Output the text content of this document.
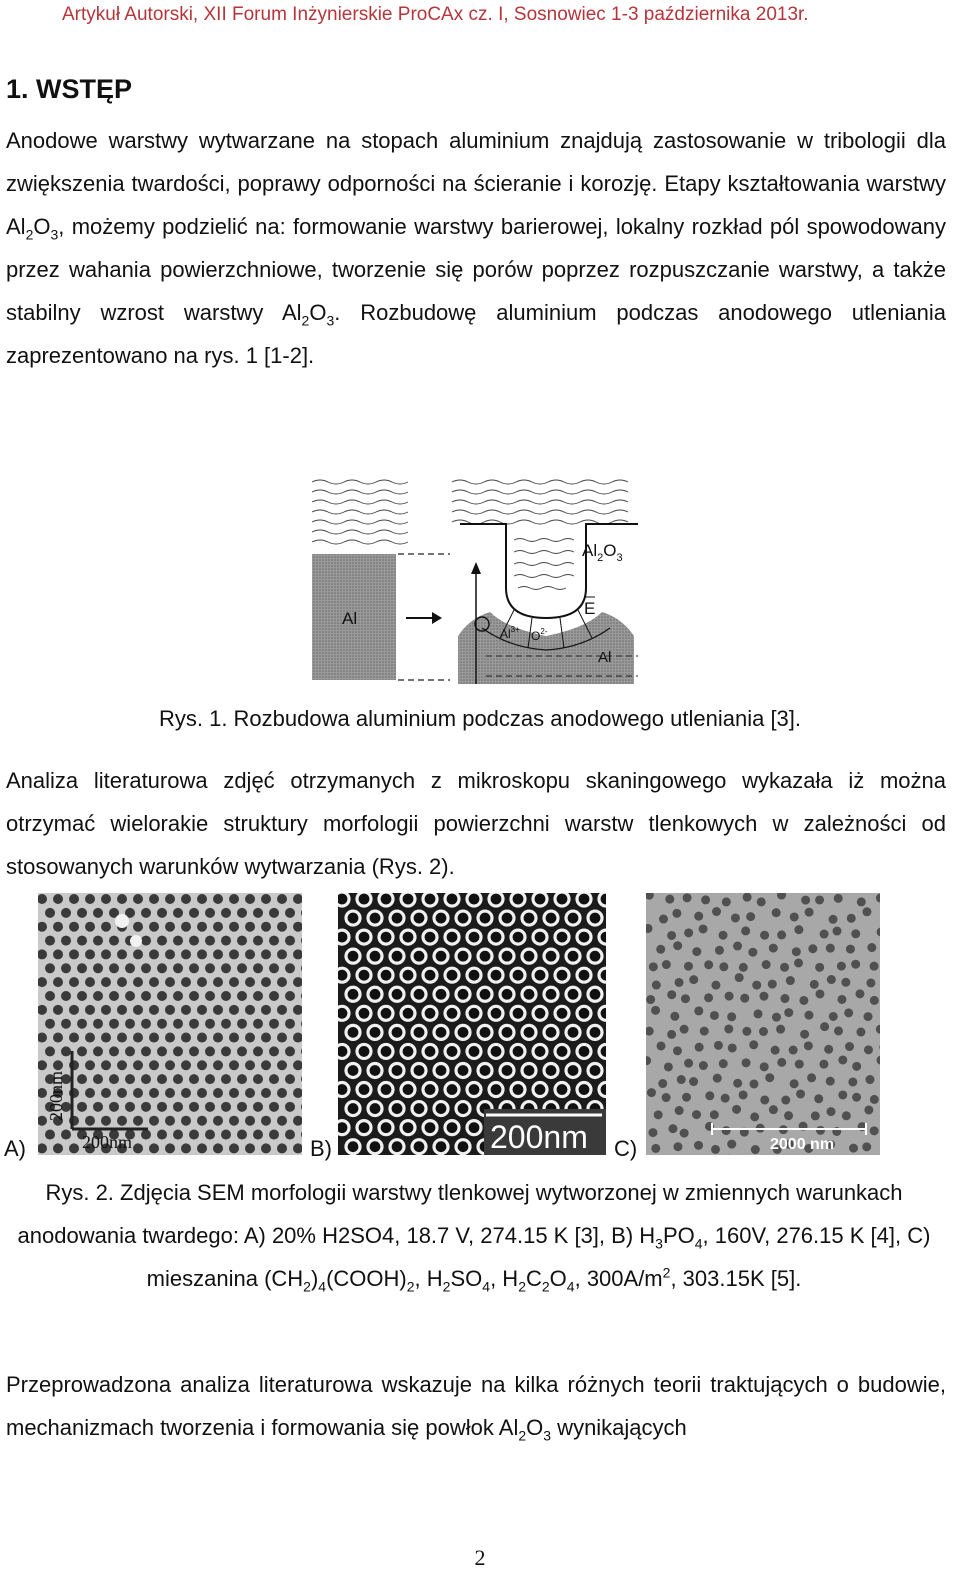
Artykuł Autorski, XII Forum Inżynierskie ProCAx cz. I, Sosnowiec 1-3 października 2013r.
1. WSTĘP

Anodowe warstwy wytwarzane na stopach aluminium znajdują zastosowanie w tribologii dla zwiększenia twardości, poprawy odporności na ścieranie i korozję. Etapy kształtowania warstwy $Al_2O_3$, możemy podzielić na: formowanie warstwy barierowej, lokalny rozkład pól spowodowany przez wahania powierzchniowe, tworzenie się porów poprzez rozpuszczanie warstwy, a także stabilny wzrost warstwy $Al_2O_3$. Rozbudowę aluminium podczas anodowego utleniania zaprezentowano na rys. 1 [1-2].

Al
$Al_2O_3$
E
$Al^{3+}$ $O^{2-}$
Al

Rys. 1. Rozbudowa aluminium podczas anodowego utleniania [3].

Analiza literaturowa zdjęć otrzymanych z mikroskopu skaningowego wykazała iż można otrzymać wielorakie struktury morfologii powierzchni warstw tlenkowych w zależności od stosowanych warunków wytwarzania (Rys. 2).

200nm
200nm
A)	200nm
B)	2000 nm
C)

Rys. 2. Zdjęcia SEM morfologii warstwy tlenkowej wytworzonej w zmiennych warunkach anodowania twardego: A) 20% H2SO4, 18.7 V, 274.15 K [3], B) $H_3PO_4$, 160V, 276.15 K [4], C) mieszanina $(CH_2)_4(COOH)_2$, $H_2SO_4$, $H_2C_2O_4$, $300A/m^2$, 303.15K [5].

Przeprowadzona analiza literaturowa wskazuje na kilka różnych teorii traktujących o budowie, mechanizmach tworzenia i formowania się powłok $Al_2O_3$ wynikających

2
